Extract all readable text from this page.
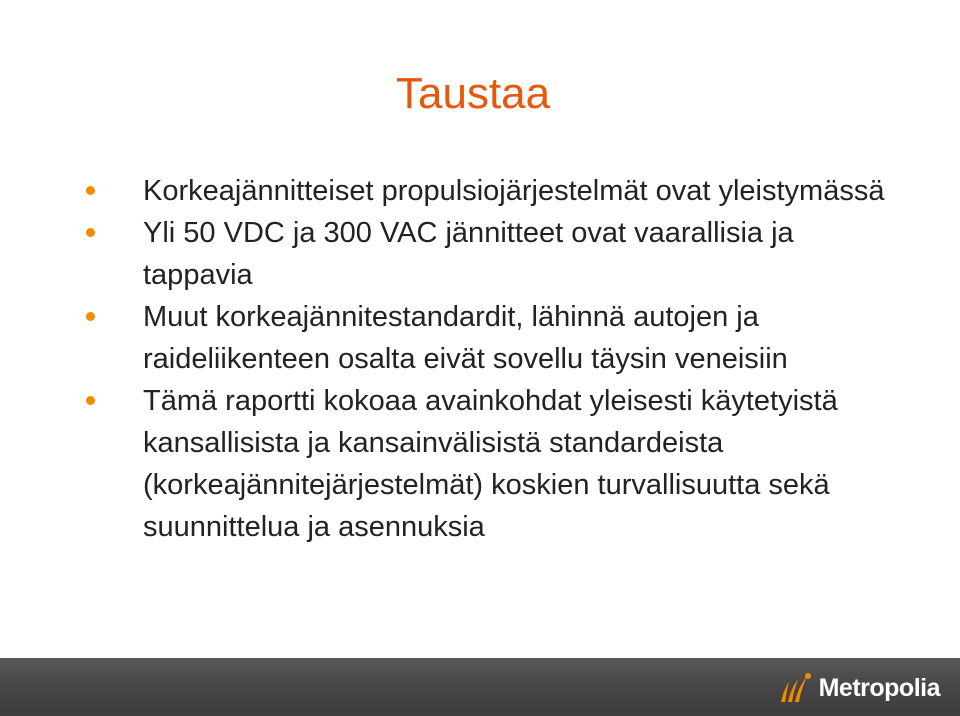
Taustaa
Korkeajännitteiset propulsiojärjestelmät ovat yleistymässä
Yli 50 VDC ja 300 VAC jännitteet ovat vaarallisia ja tappavia
Muut korkeajännitestandardit, lähinnä autojen ja raideliikenteen osalta eivät sovellu täysin veneisiin
Tämä raportti kokoaa avainkohdat yleisesti käytetyistä kansallisista ja kansainvälisistä standardeista (korkeajännitejärjestelmät) koskien turvallisuutta sekä suunnittelua ja asennuksia
Metropolia
